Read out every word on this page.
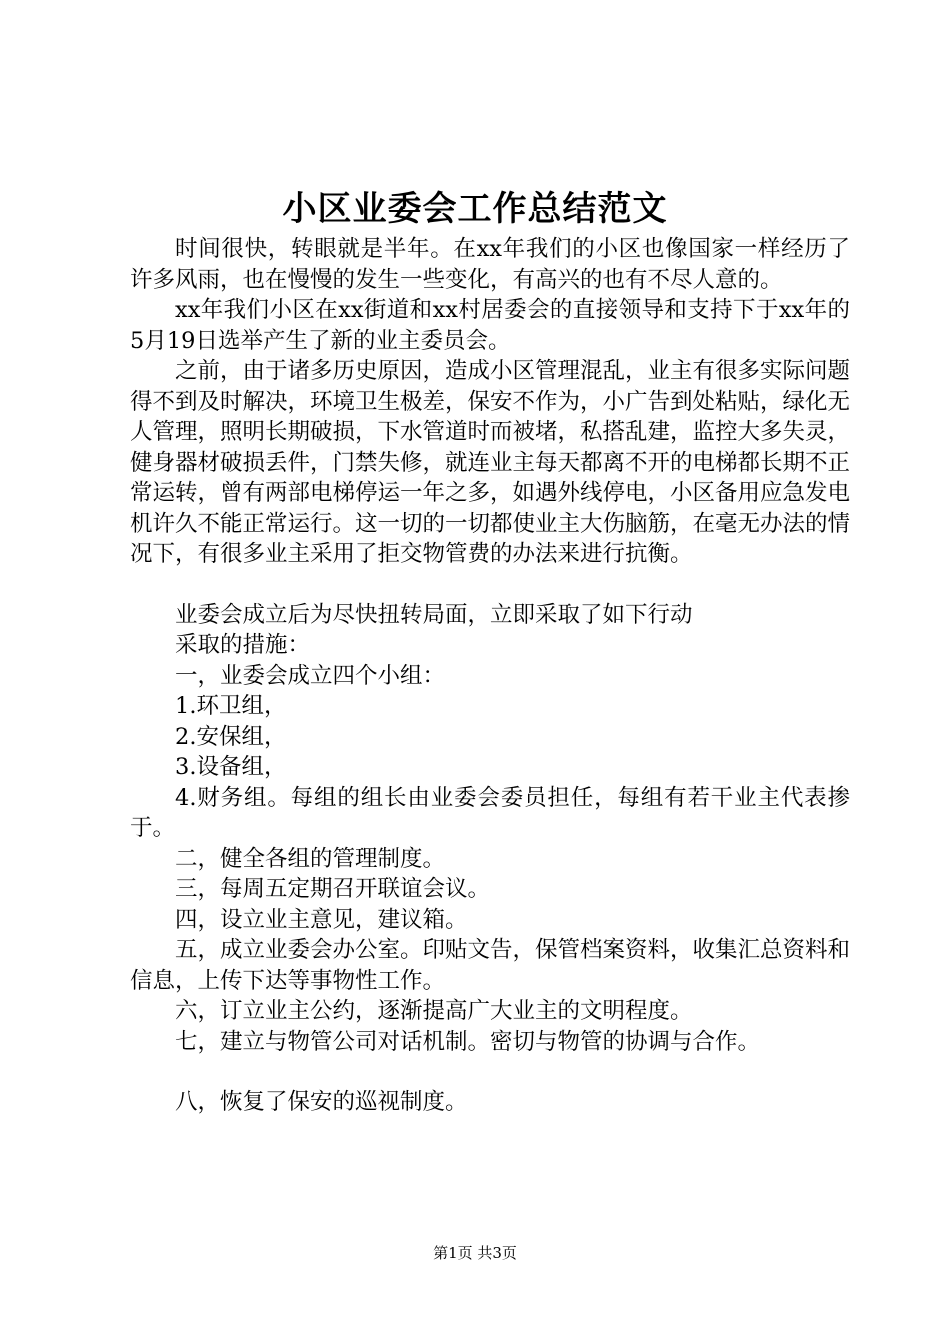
小区业委会工作总结范文

时间很快，转眼就是半年。在xx年我们的小区也像国家一样经历了许多风雨，也在慢慢的发生一些变化，有高兴的也有不尽人意的。

xx年我们小区在xx街道和xx村居委会的直接领导和支持下于xx年的5月19日选举产生了新的业主委员会。

之前，由于诸多历史原因，造成小区管理混乱，业主有很多实际问题得不到及时解决，环境卫生极差，保安不作为，小广告到处粘贴，绿化无人管理，照明长期破损，下水管道时而被堵，私搭乱建，监控大多失灵，健身器材破损丢件，门禁失修，就连业主每天都离不开的电梯都长期不正常运转，曾有两部电梯停运一年之多，如遇外线停电，小区备用应急发电机许久不能正常运行。这一切的一切都使业主大伤脑筋，在毫无办法的情况下，有很多业主采用了拒交物管费的办法来进行抗衡。

业委会成立后为尽快扭转局面，立即采取了如下行动

采取的措施：

一，业委会成立四个小组：

1.环卫组，

2.安保组，

3.设备组，

4.财务组。每组的组长由业委会委员担任，每组有若干业主代表掺于。

二，健全各组的管理制度。

三，每周五定期召开联谊会议。

四，设立业主意见，建议箱。

五，成立业委会办公室。印贴文告，保管档案资料，收集汇总资料和信息，上传下达等事物性工作。

六，订立业主公约，逐渐提高广大业主的文明程度。

七，建立与物管公司对话机制。密切与物管的协调与合作。

八，恢复了保安的巡视制度。

第1页 共3页
